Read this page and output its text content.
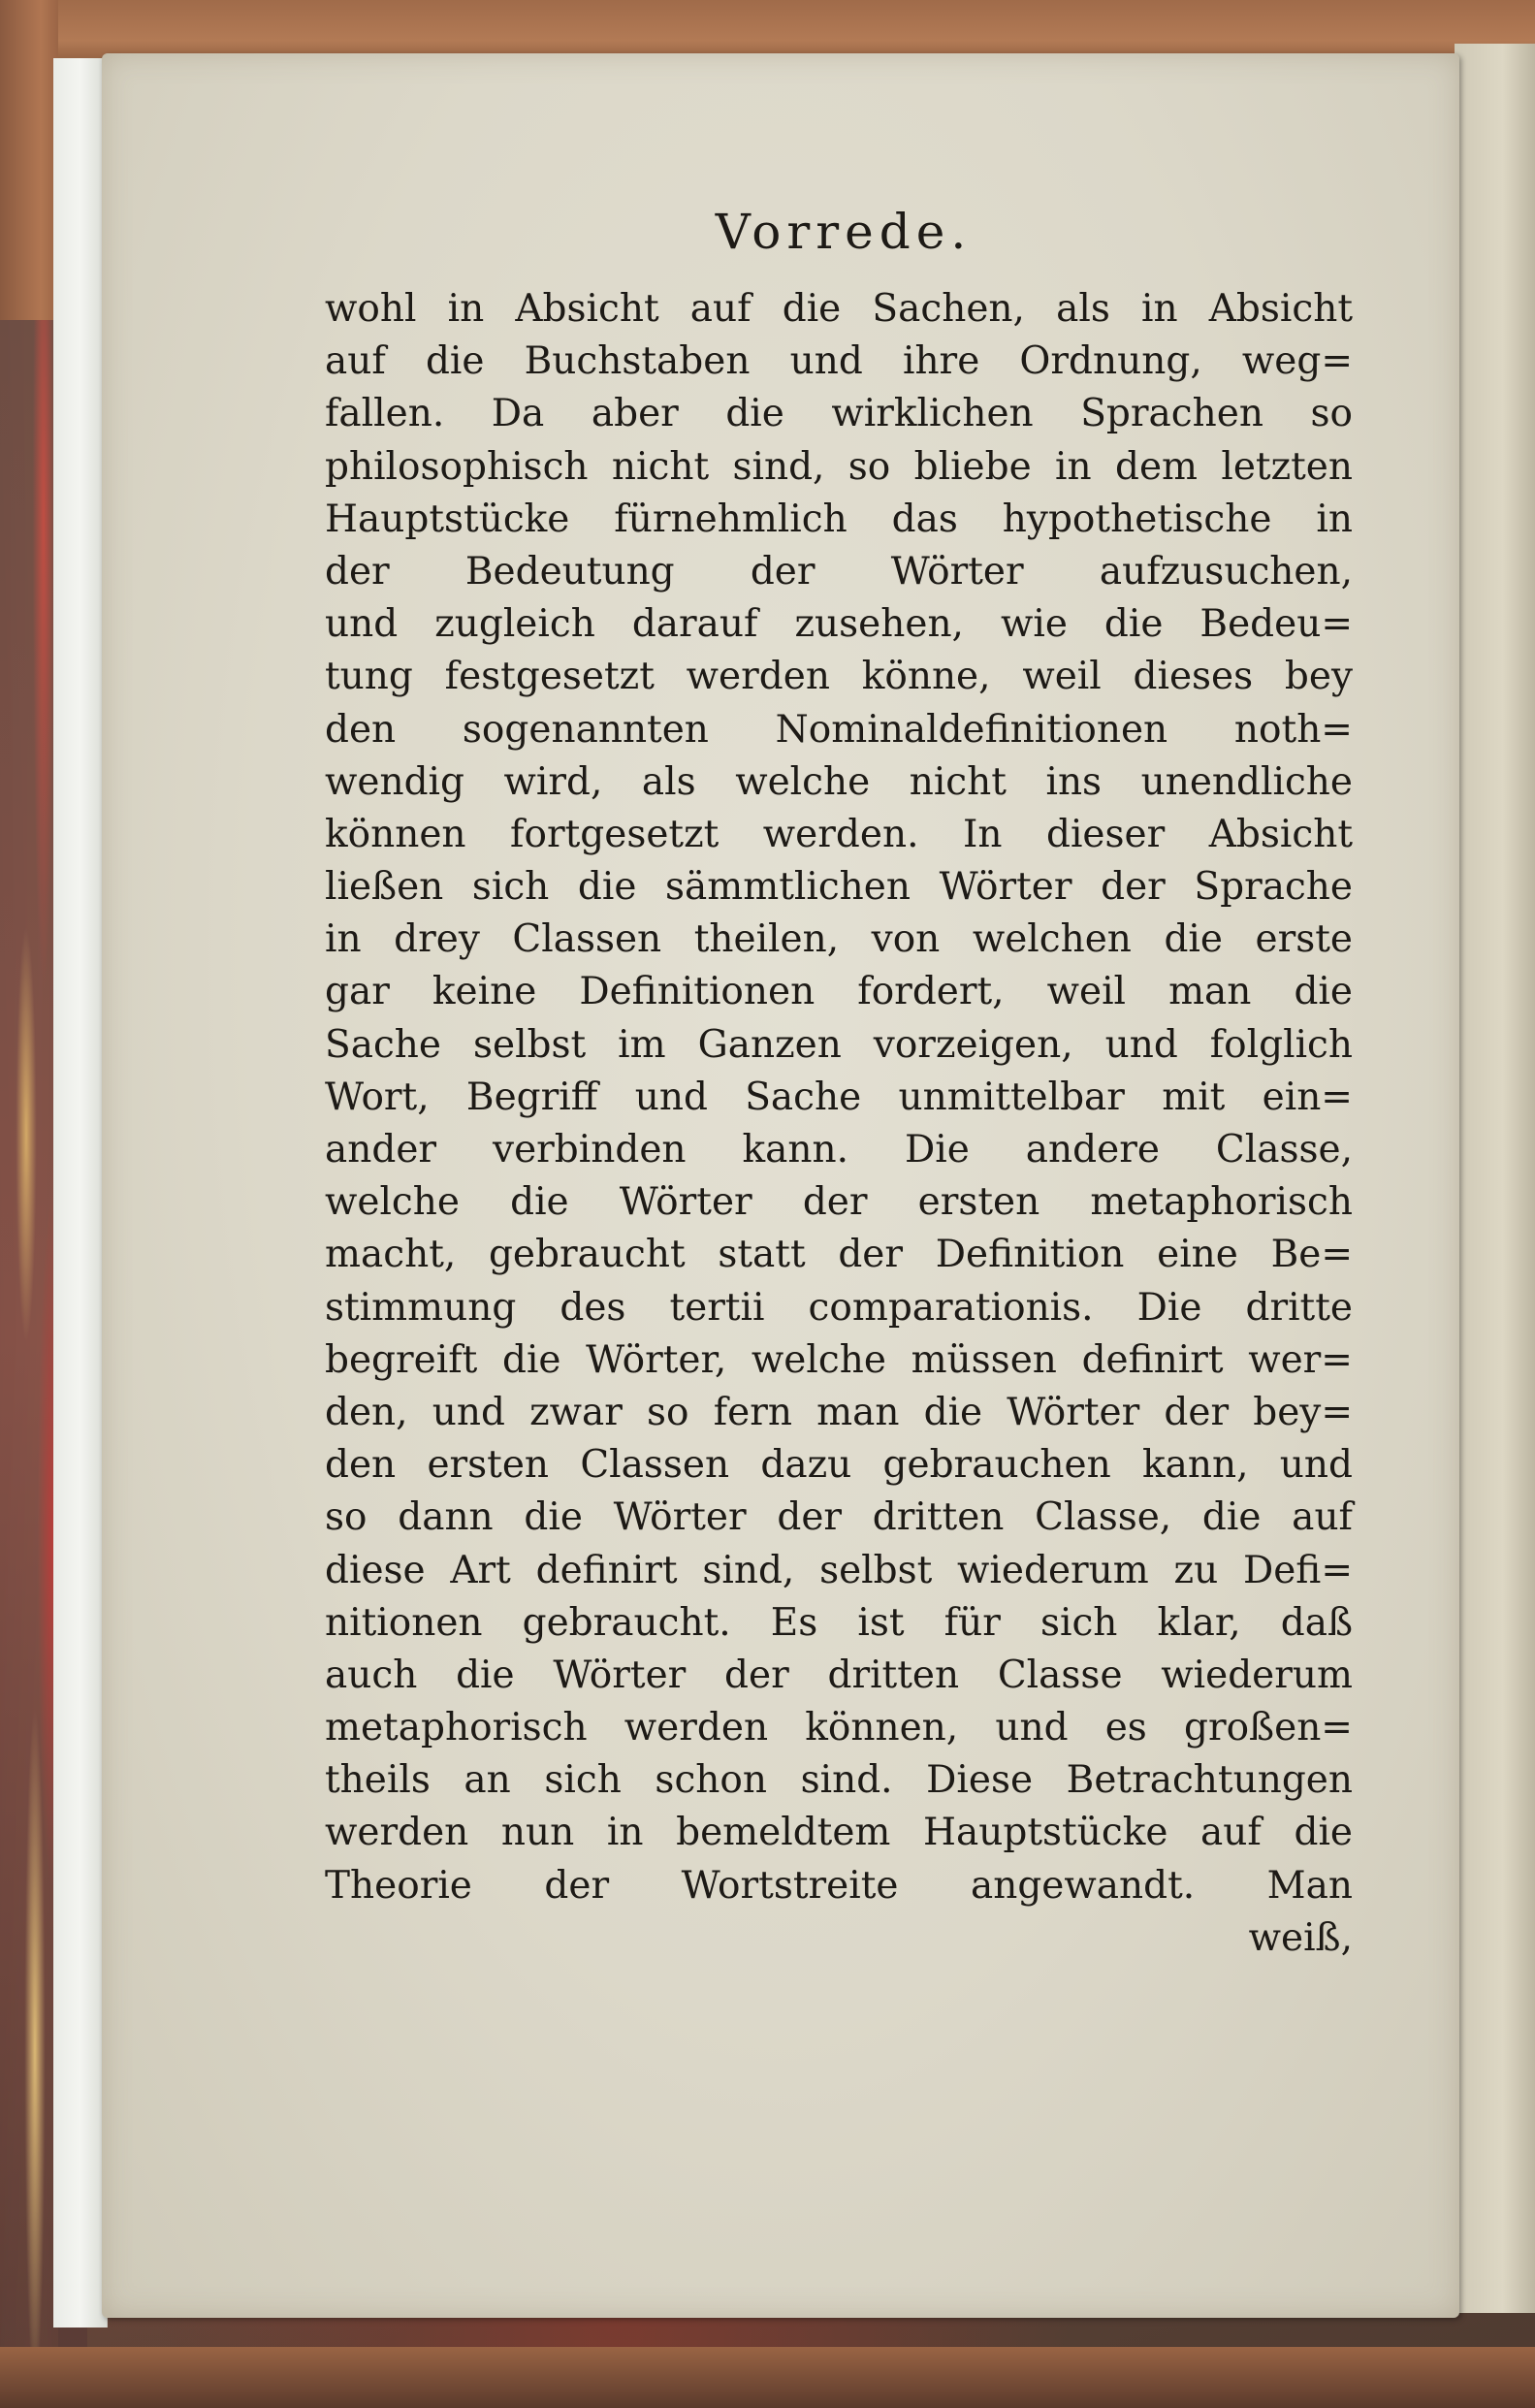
Vorrede.
wohl in Absicht auf die Sachen, als in Absicht
auf die Buchstaben und ihre Ordnung, weg=
fallen. Da aber die wirklichen Sprachen so
philosophisch nicht sind, so bliebe in dem letzten
Hauptstücke fürnehmlich das hypothetische in
der Bedeutung der Wörter aufzusuchen,
und zugleich darauf zusehen, wie die Bedeu=
tung festgesetzt werden könne, weil dieses bey
den sogenannten Nominaldefinitionen noth=
wendig wird, als welche nicht ins unendliche
können fortgesetzt werden. In dieser Absicht
ließen sich die sämmtlichen Wörter der Sprache
in drey Classen theilen, von welchen die erste
gar keine Definitionen fordert, weil man die
Sache selbst im Ganzen vorzeigen, und folglich
Wort, Begriff und Sache unmittelbar mit ein=
ander verbinden kann. Die andere Classe,
welche die Wörter der ersten metaphorisch
macht, gebraucht statt der Definition eine Be=
stimmung des tertii comparationis. Die dritte
begreift die Wörter, welche müssen definirt wer=
den, und zwar so fern man die Wörter der bey=
den ersten Classen dazu gebrauchen kann, und
so dann die Wörter der dritten Classe, die auf
diese Art definirt sind, selbst wiederum zu Defi=
nitionen gebraucht. Es ist für sich klar, daß
auch die Wörter der dritten Classe wiederum
metaphorisch werden können, und es großen=
theils an sich schon sind. Diese Betrachtungen
werden nun in bemeldtem Hauptstücke auf die
Theorie der Wortstreite angewandt. Man
weiß,
